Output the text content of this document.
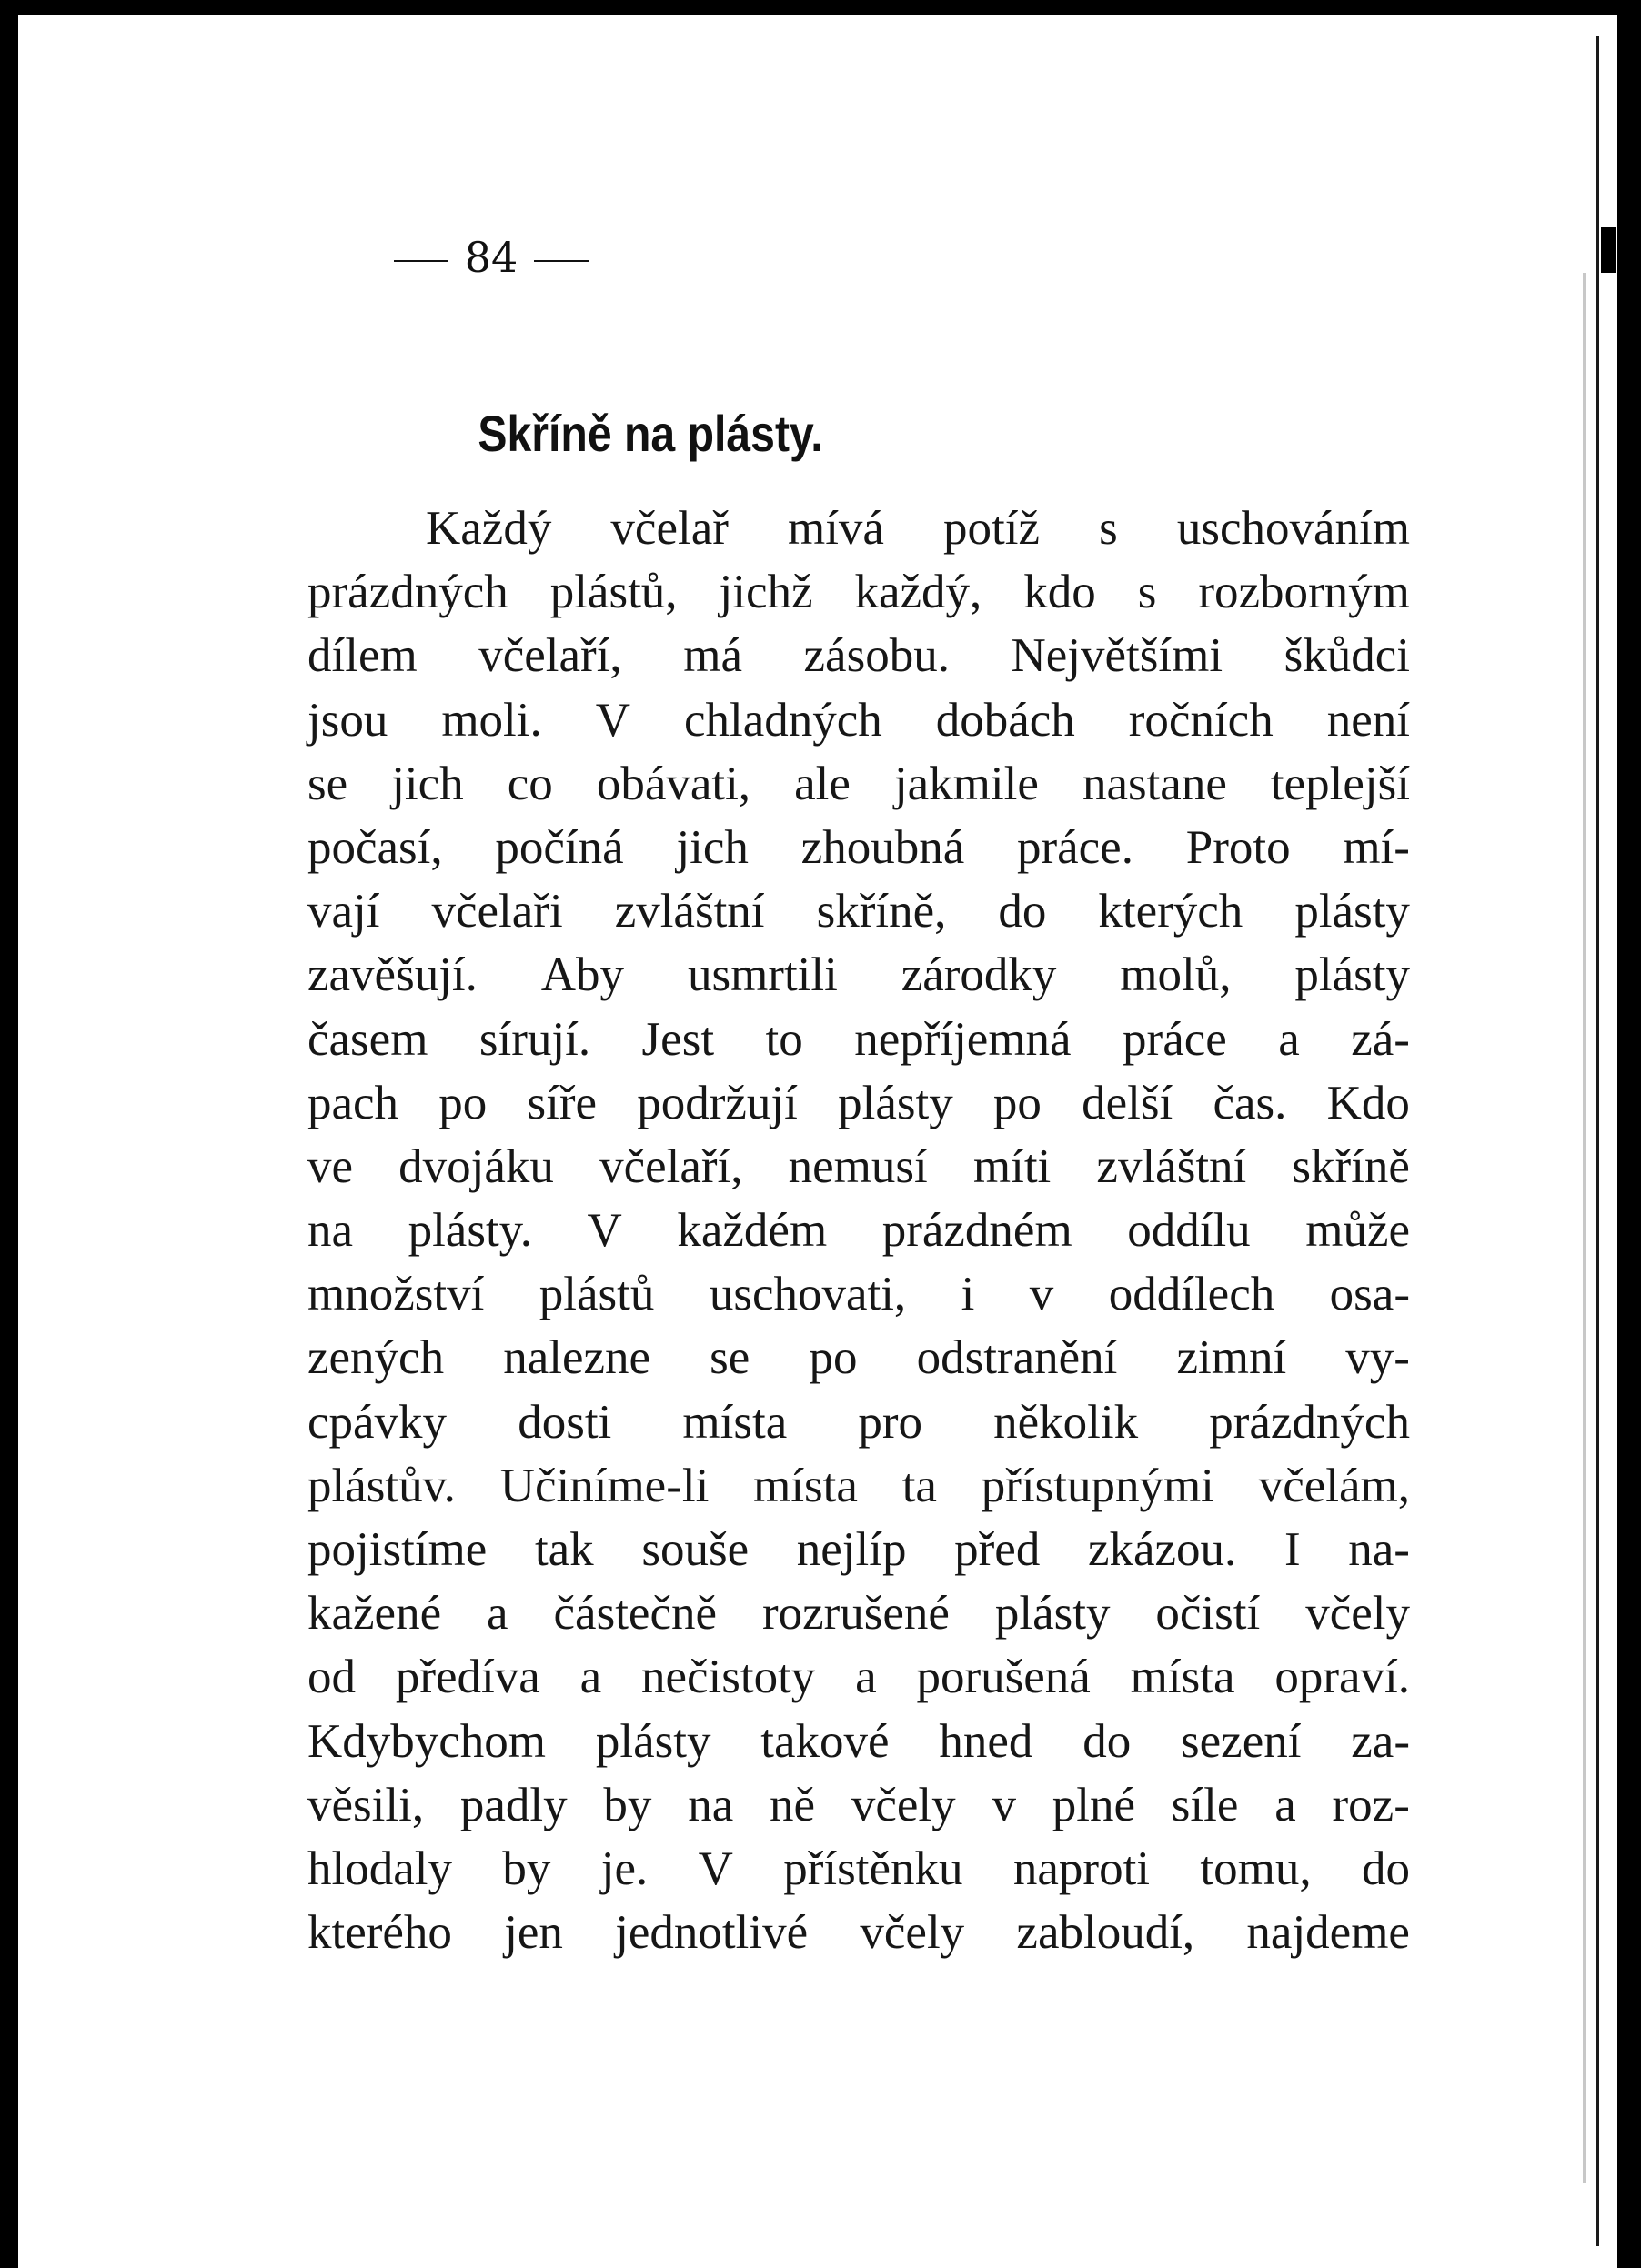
84
Skříně na plásty.
Každý včelař mívá potíž s uschováním
prázdných plástů, jichž každý, kdo s rozborným
dílem včelaří, má zásobu. Největšími škůdci
jsou moli. V chladných dobách ročních není
se jich co obávati, ale jakmile nastane teplejší
počasí, počíná jich zhoubná práce. Proto mí-
vají včelaři zvláštní skříně, do kterých plásty
zavěšují. Aby usmrtili zárodky molů, plásty
časem sírují. Jest to nepříjemná práce a zá-
pach po síře podržují plásty po delší čas. Kdo
ve dvojáku včelaří, nemusí míti zvláštní skříně
na plásty. V každém prázdném oddílu může
množství plástů uschovati, i v oddílech osa-
zených nalezne se po odstranění zimní vy-
cpávky dosti místa pro několik prázdných
plástův. Učiníme-li místa ta přístupnými včelám,
pojistíme tak souše nejlíp před zkázou. I na-
kažené a částečně rozrušené plásty očistí včely
od předíva a nečistoty a porušená místa opraví.
Kdybychom plásty takové hned do sezení za-
věsili, padly by na ně včely v plné síle a roz-
hlodaly by je. V přístěnku naproti tomu, do
kterého jen jednotlivé včely zabloudí, najdeme
